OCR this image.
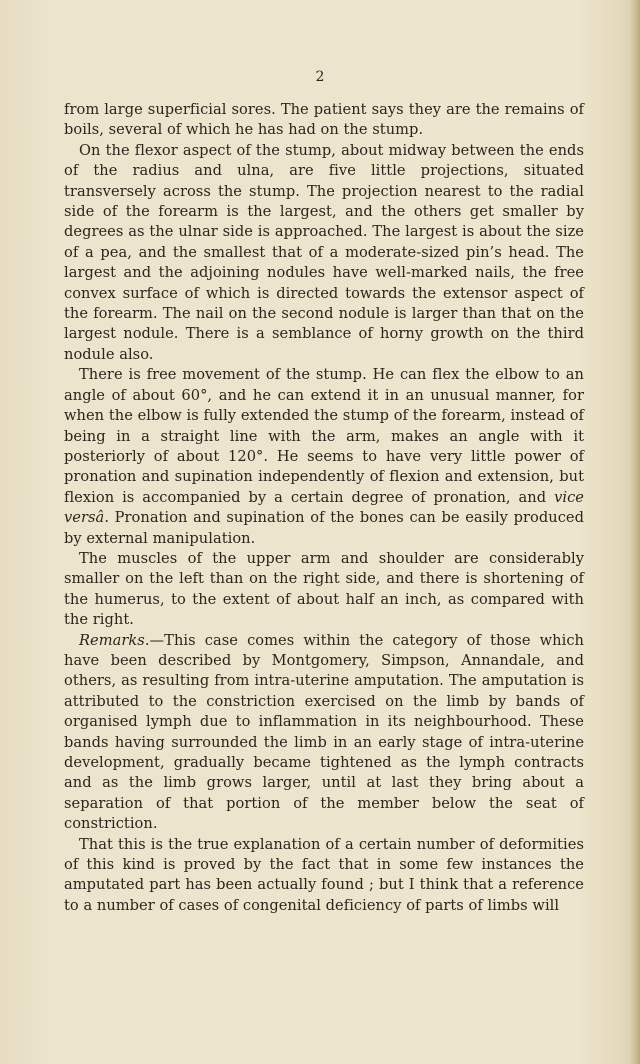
2

from large superficial sores. The patient says they are the remains of boils, several of which he has had on the stump.

On the flexor aspect of the stump, about midway between the ends of the radius and ulna, are five little projections, situated transversely across the stump. The projection nearest to the radial side of the forearm is the largest, and the others get smaller by degrees as the ulnar side is approached. The largest is about the size of a pea, and the smallest that of a moderate-sized pin’s head. The largest and the adjoining nodules have well-marked nails, the free convex surface of which is directed towards the extensor aspect of the forearm. The nail on the second nodule is larger than that on the largest nodule. There is a semblance of horny growth on the third nodule also.

There is free movement of the stump. He can flex the elbow to an angle of about 60°, and he can extend it in an unusual manner, for when the elbow is fully extended the stump of the forearm, instead of being in a straight line with the arm, makes an angle with it posteriorly of about 120°. He seems to have very little power of pronation and supination independently of flexion and extension, but flexion is accompanied by a certain degree of pronation, and vice versâ. Pronation and supination of the bones can be easily produced by external manipulation.

The muscles of the upper arm and shoulder are considerably smaller on the left than on the right side, and there is shortening of the humerus, to the extent of about half an inch, as compared with the right.

Remarks.—This case comes within the category of those which have been described by Montgomery, Simpson, Annandale, and others, as resulting from intra-uterine amputation. The amputation is attributed to the constriction exercised on the limb by bands of organised lymph due to inflammation in its neighbourhood. These bands having surrounded the limb in an early stage of intra-uterine development, gradually became tightened as the lymph contracts and as the limb grows larger, until at last they bring about a separation of that portion of the member below the seat of constriction.

That this is the true explanation of a certain number of deformities of this kind is proved by the fact that in some few instances the amputated part has been actually found ; but I think that a reference to a number of cases of congenital deficiency of parts of limbs will
